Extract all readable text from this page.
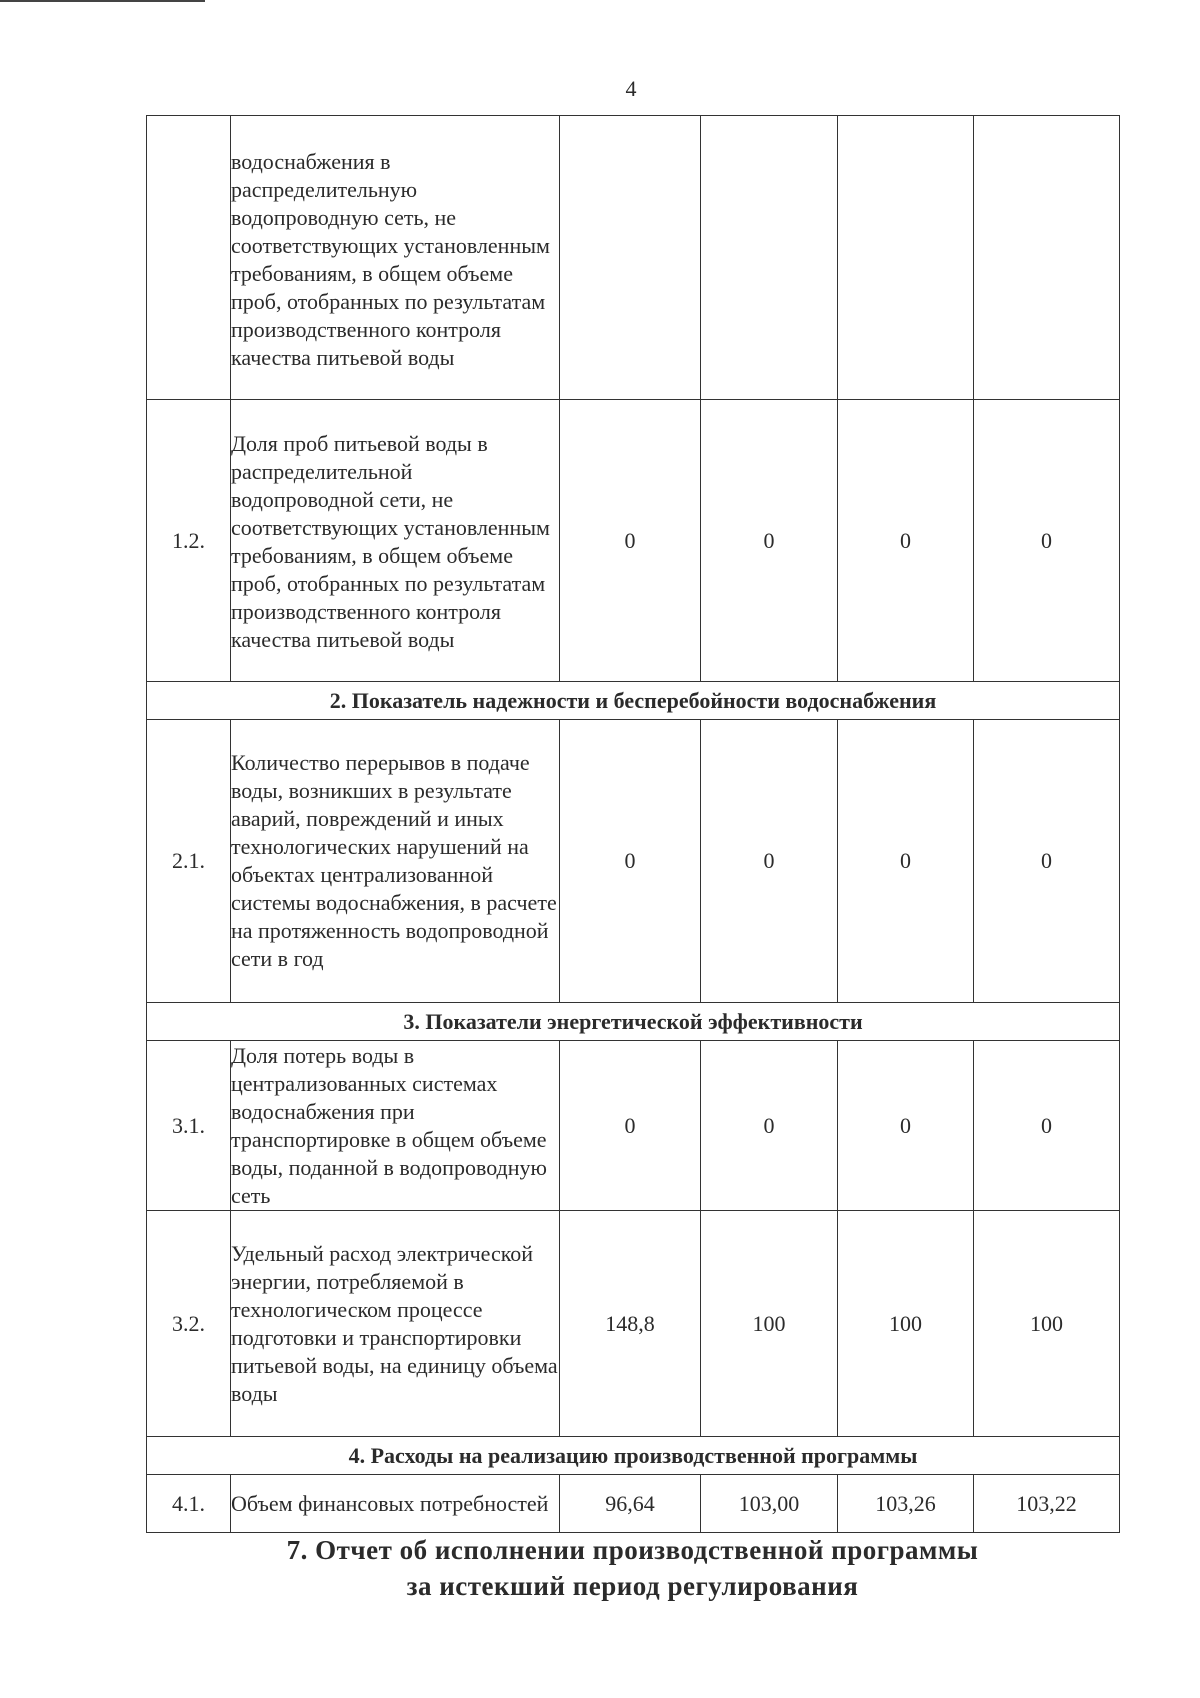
4
	водоснабжения в распределительную водопроводную сеть, не соответствующих установленным требованиям, в общем объеме проб, отобранных по результатам производственного контроля качества питьевой воды				
1.2.	Доля проб питьевой воды в распределительной водопроводной сети, не соответствующих установленным требованиям, в общем объеме проб, отобранных по результатам производственного контроля качества питьевой воды	0	0	0	0
2. Показатель надежности и бесперебойности водоснабжения					
2.1.	Количество перерывов в подаче воды, возникших в результате аварий, повреждений и иных технологических нарушений на объектах централизованной системы водоснабжения, в расчете на протяженность водопроводной сети в год	0	0	0	0
3. Показатели энергетической эффективности					
3.1.	Доля потерь воды в централизованных системах водоснабжения при транспортировке в общем объеме воды, поданной в водопроводную сеть	0	0	0	0
3.2.	Удельный расход электрической энергии, потребляемой в технологическом процессе подготовки и транспортировки питьевой воды, на единицу объема воды	148,8	100	100	100
4. Расходы на реализацию производственной программы					
4.1.	Объем финансовых потребностей	96,64	103,00	103,26	103,22
7. Отчет об исполнении производственной программы
за истекший период регулирования
